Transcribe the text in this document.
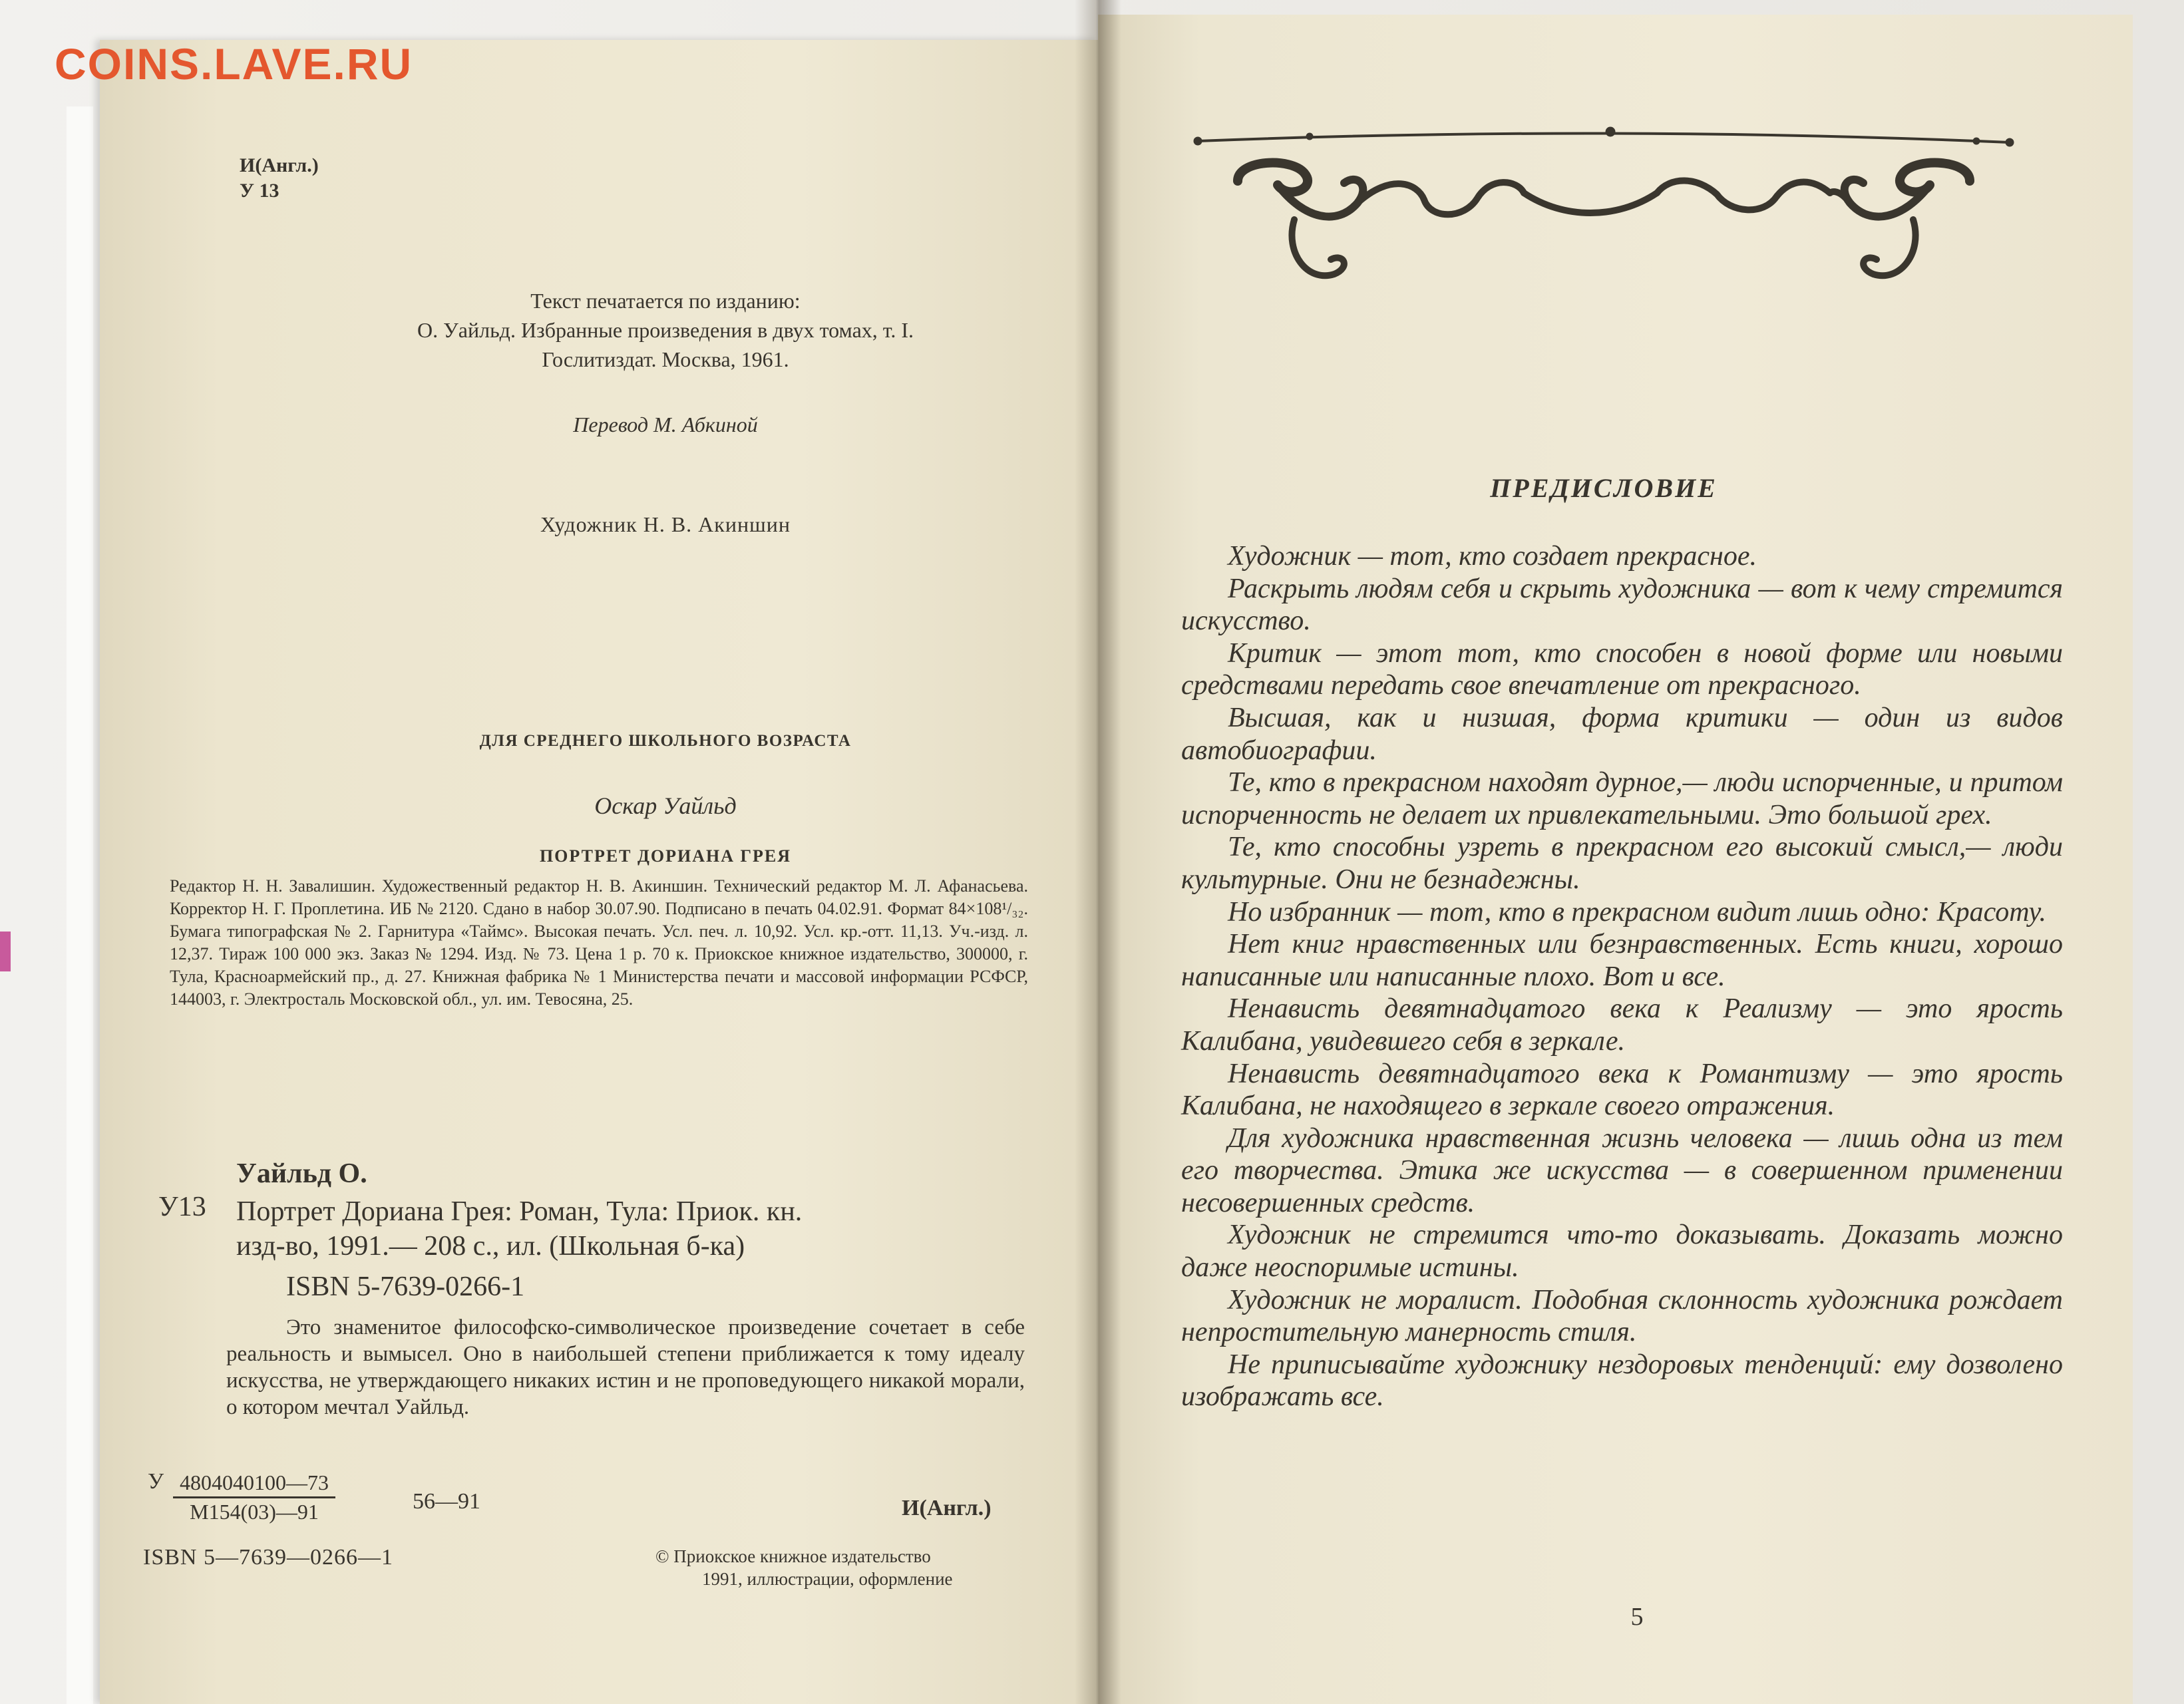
COINS.LAVE.RU
И(Англ.)
У 13
Текст печатается по изданию:
О. Уайльд. Избранные произведения в двух томах, т. I.
Гослитиздат. Москва, 1961.
Перевод М. Абкиной
Художник Н. В. Акиншин
ДЛЯ СРЕДНЕГО ШКОЛЬНОГО ВОЗРАСТА
Оскар Уайльд
ПОРТРЕТ ДОРИАНА ГРЕЯ
Редактор Н. Н. Завалишин. Художественный редактор Н. В. Акиншин. Технический редактор М. Л. Афанасьева. Корректор Н. Г. Проплетина. ИБ № 2120. Сдано в набор 30.07.90. Подписано в печать 04.02.91. Формат 84×108¹/₃₂. Бумага типографская № 2. Гарнитура «Таймс». Высокая печать. Усл. печ. л. 10,92. Усл. кр.-отт. 11,13. Уч.-изд. л. 12,37. Тираж 100 000 экз. Заказ № 1294. Изд. № 73. Цена 1 р. 70 к. Приокское книжное издательство, 300000, г. Тула, Красноармейский пр., д. 27. Книжная фабрика № 1 Министерства печати и массовой информации РСФСР, 144003, г. Электросталь Московской обл., ул. им. Тевосяна, 25.
Уайльд О.
У13 Портрет Дориана Грея: Роман, Тула: Приок. кн.
изд-во, 1991.— 208 с., ил. (Школьная б-ка)
ISBN 5-7639-0266-1
Это знаменитое философско-символическое произведение сочетает в себе реальность и вымысел. Оно в наибольшей степени приближается к тому идеалу искусства, не утверждающего никаких истин и не проповедующего никакой морали, о котором мечтал Уайльд.
У 4804040100—73
М154(03)—91	56—91	И(Англ.)
ISBN 5—7639—0266—1	© Приокское книжное издательство
1991, иллюстрации, оформление
ПРЕДИСЛОВИЕ

Художник — тот, кто создает прекрасное.

Раскрыть людям себя и скрыть художника — вот к чему стремится искусство.

Критик — этот тот, кто способен в новой форме или новыми средствами передать свое впечатление от прекрасного.

Высшая, как и низшая, форма критики — один из видов автобиографии.

Те, кто в прекрасном находят дурное,— люди испорченные, и притом испорченность не делает их привлекательными. Это большой грех.

Те, кто способны узреть в прекрасном его высокий смысл,— люди культурные. Они не безнадежны.

Но избранник — тот, кто в прекрасном видит лишь одно: Красоту.

Нет книг нравственных или безнравственных. Есть книги, хорошо написанные или написанные плохо. Вот и все.

Ненависть девятнадцатого века к Реализму — это ярость Калибана, увидевшего себя в зеркале.

Ненависть девятнадцатого века к Романтизму — это ярость Калибана, не находящего в зеркале своего отражения.

Для художника нравственная жизнь человека — лишь одна из тем его творчества. Этика же искусства — в совершенном применении несовершенных средств.

Художник не стремится что-то доказывать. Доказать можно даже неоспоримые истины.

Художник не моралист. Подобная склонность художника рождает непростительную манерность стиля.

Не приписывайте художнику нездоровых тенденций: ему дозволено изображать все.

5
